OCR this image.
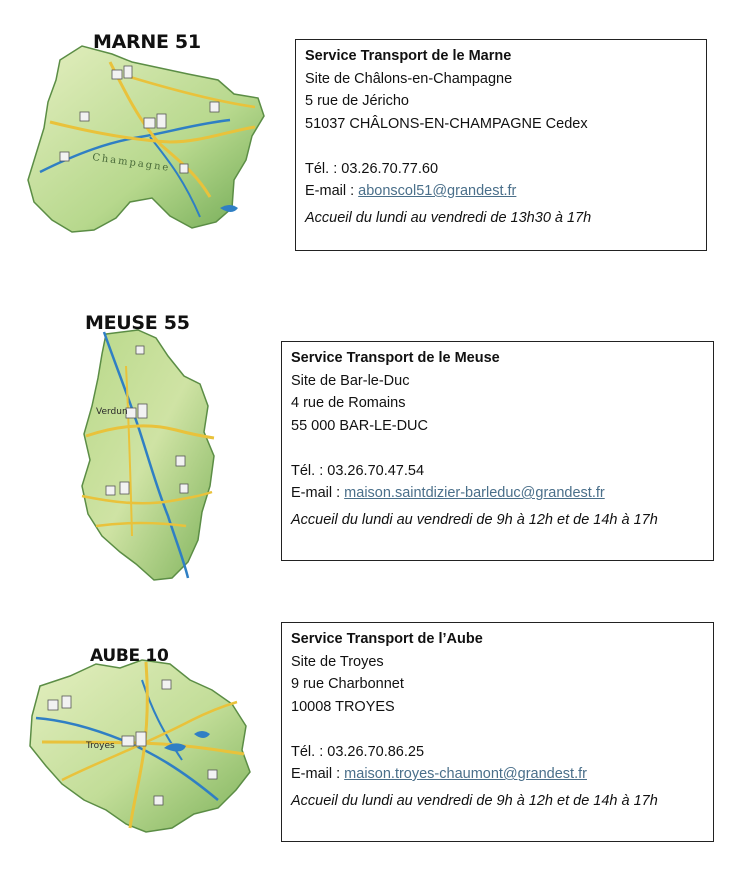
Champagne
MARNE 51
Service Transport de le Marne
Site de Châlons-en-Champagne
5 rue de Jéricho
51037 CHÂLONS-EN-CHAMPAGNE Cedex
Tél. : 03.26.70.77.60
E-mail : abonscol51@grandest.fr
Accueil du lundi au vendredi de 13h30 à 17h
Verdun
MEUSE 55
Service Transport de le Meuse
Site de Bar-le-Duc
4 rue de Romains
55 000 BAR-LE-DUC
Tél. : 03.26.70.47.54
E-mail : maison.saintdizier-barleduc@grandest.fr
Accueil du lundi au vendredi de 9h à 12h et de 14h à 17h
Troyes
AUBE 10
Service Transport de l’Aube
Site de Troyes
9 rue Charbonnet
10008 TROYES
Tél. : 03.26.70.86.25
E-mail : maison.troyes-chaumont@grandest.fr
Accueil du lundi au vendredi de 9h à 12h et de 14h à 17h
